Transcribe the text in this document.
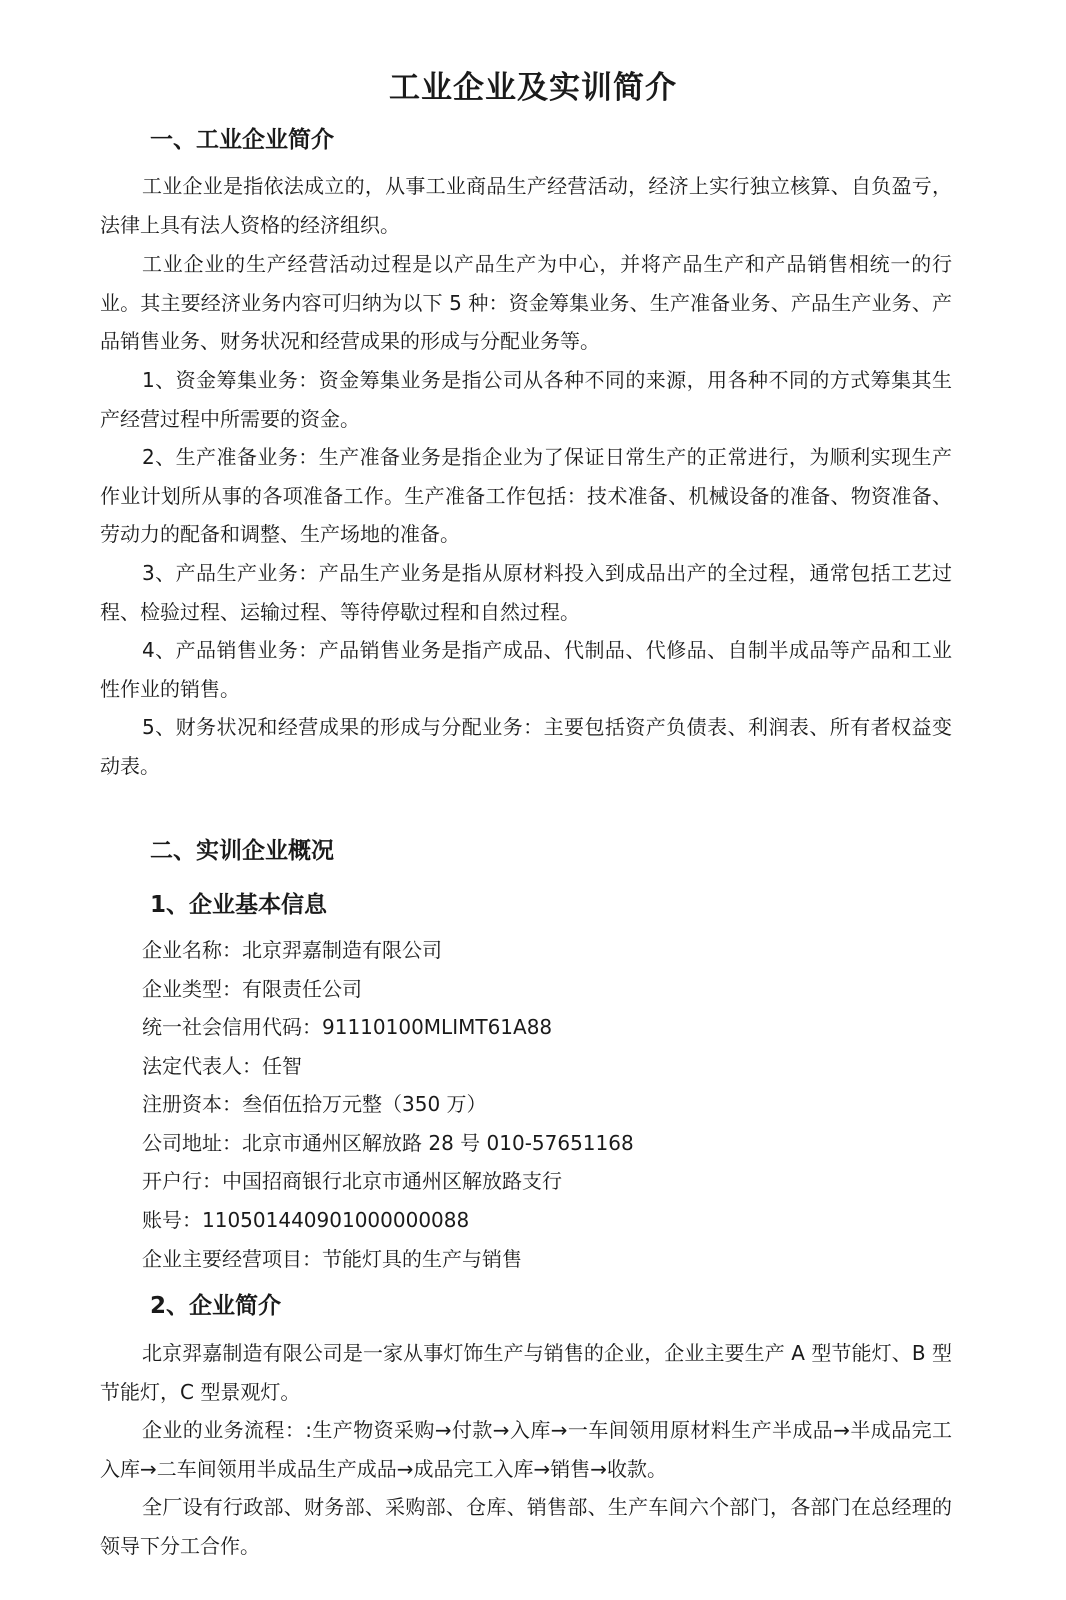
工业企业及实训简介
一、工业企业简介

工业企业是指依法成立的，从事工业商品生产经营活动，经济上实行独立核算、自负盈亏，法律上具有法人资格的经济组织。

工业企业的生产经营活动过程是以产品生产为中心，并将产品生产和产品销售相统一的行业。其主要经济业务内容可归纳为以下 5 种：资金筹集业务、生产准备业务、产品生产业务、产品销售业务、财务状况和经营成果的形成与分配业务等。

1、资金筹集业务：资金筹集业务是指公司从各种不同的来源，用各种不同的方式筹集其生产经营过程中所需要的资金。

2、生产准备业务：生产准备业务是指企业为了保证日常生产的正常进行，为顺利实现生产作业计划所从事的各项准备工作。生产准备工作包括：技术准备、机械设备的准备、物资准备、劳动力的配备和调整、生产场地的准备。

3、产品生产业务：产品生产业务是指从原材料投入到成品出产的全过程，通常包括工艺过程、检验过程、运输过程、等待停歇过程和自然过程。

4、产品销售业务：产品销售业务是指产成品、代制品、代修品、自制半成品等产品和工业性作业的销售。

5、财务状况和经营成果的形成与分配业务：主要包括资产负债表、利润表、所有者权益变动表。

二、实训企业概况
1、企业基本信息

企业名称：北京羿嘉制造有限公司

企业类型：有限责任公司

统一社会信用代码：91110100MLIMT61A88

法定代表人：任智

注册资本：叁佰伍拾万元整（350 万）

公司地址：北京市通州区解放路 28 号 010-57651168

开户行：中国招商银行北京市通州区解放路支行

账号：110501440901000000088

企业主要经营项目：节能灯具的生产与销售

2、企业简介

北京羿嘉制造有限公司是一家从事灯饰生产与销售的企业，企业主要生产 A 型节能灯、B 型节能灯，C 型景观灯。

企业的业务流程：:生产物资采购→付款→入库→一车间领用原材料生产半成品→半成品完工入库→二车间领用半成品生产成品→成品完工入库→销售→收款。

全厂设有行政部、财务部、采购部、仓库、销售部、生产车间六个部门，各部门在总经理的领导下分工合作。
